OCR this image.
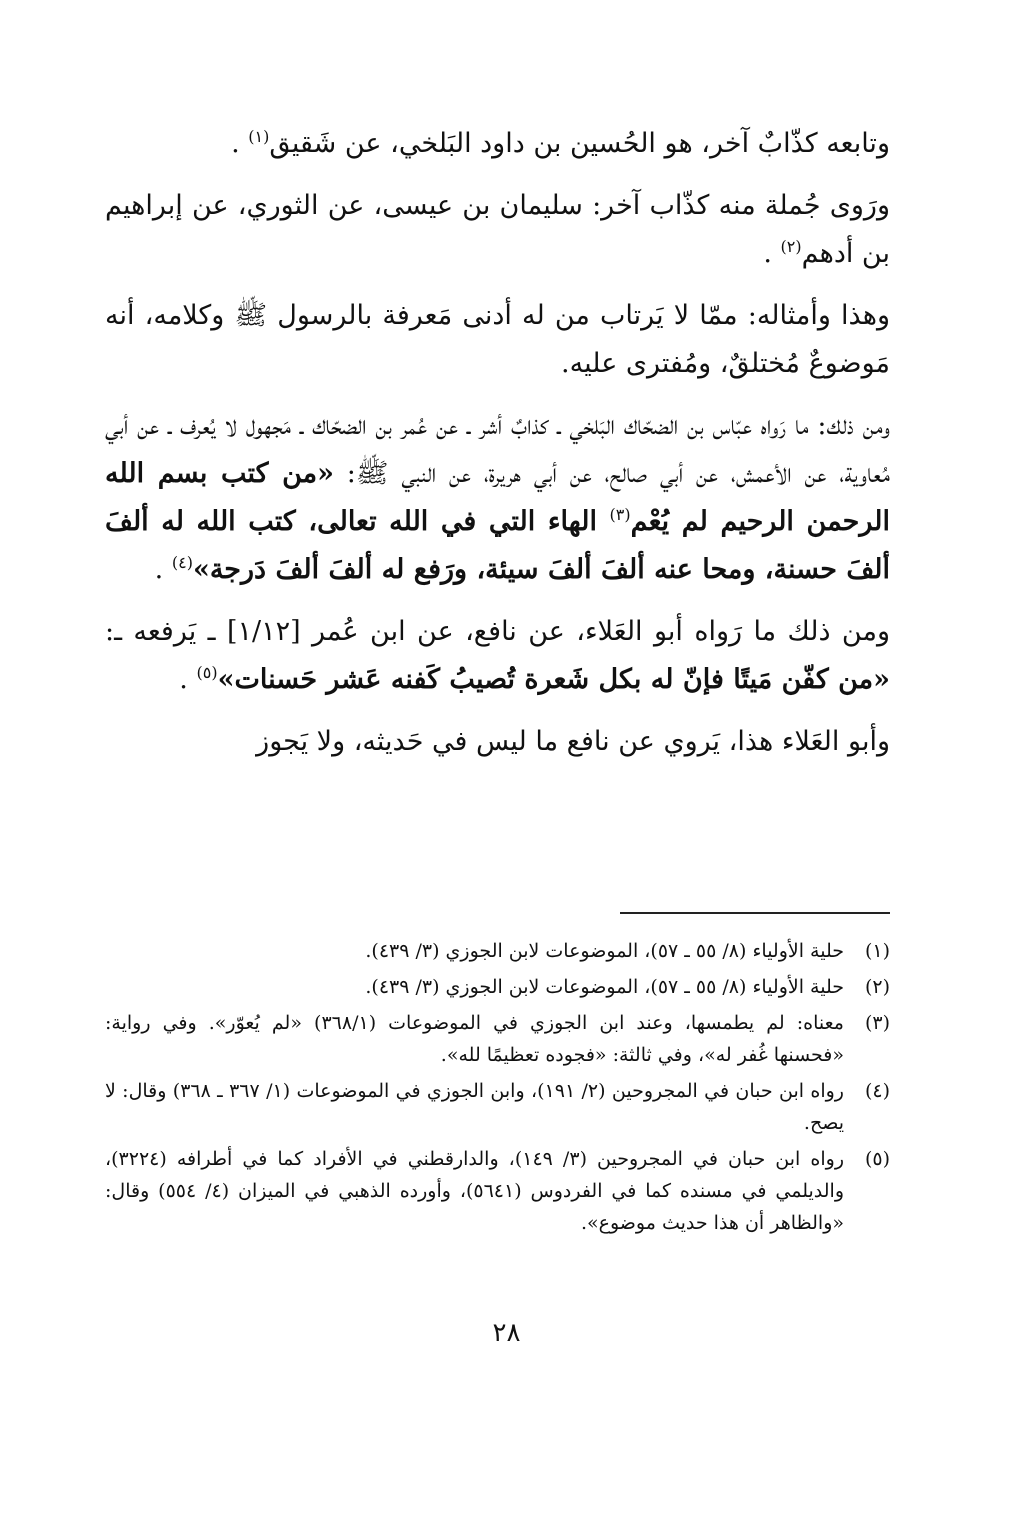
وتابعه كذّابٌ آخر، هو الحُسين بن داود البَلخي، عن شَقيق$^{(١)}$ .

ورَوى جُملة منه كذّاب آخر: سليمان بن عيسى، عن الثوري، عن إبراهيم بن أدهم$^{(٢)}$ .

وهذا وأمثاله: ممّا لا يَرتاب من له أدنى مَعرفة بالرسول ﷺ وكلامه، أنه مَوضوعٌ مُختلقٌ، ومُفترى عليه.

ومن ذلك: ما رَواه عبّاس بن الضحّاك البَلخي ـ كذابٌ أشر ـ عن عُمر بن الضحّاك ـ مَجهول لا يُعرف ـ عن أبي مُعاوية، عن الأعمش، عن أبي صالح، عن أبي هريرة، عن النبي ﷺ: «من كتب بسم الله الرحمن الرحيم لم يُعْم$^{(٣)}$ الهاء التي في الله تعالى، كتب الله له ألفَ ألفَ حسنة، ومحا عنه ألفَ ألفَ سيئة، ورَفع له ألفَ ألفَ دَرجة»$^{(٤)}$ .

ومن ذلك ما رَواه أبو العَلاء، عن نافع، عن ابن عُمر [١/١٢] ـ يَرفعه ـ: «من كفّن مَيتًا فإنّ له بكل شَعرة تُصيبُ كَفنه عَشر حَسنات»$^{(٥)}$ .

وأبو العَلاء هذا، يَروي عن نافع ما ليس في حَديثه، ولا يَجوز

(١)
حلية الأولياء (٨/ ٥٥ ـ ٥٧)، الموضوعات لابن الجوزي (٣/ ٤٣٩).
(٢)
حلية الأولياء (٨/ ٥٥ ـ ٥٧)، الموضوعات لابن الجوزي (٣/ ٤٣٩).
(٣)
معناه: لم يطمسها، وعند ابن الجوزي في الموضوعات (٣٦٨/١) «لم يُعوّر». وفي رواية: «فحسنها غُفر له»، وفي ثالثة: «فجوده تعظيمًا لله».
(٤)
رواه ابن حبان في المجروحين (٢/ ١٩١)، وابن الجوزي في الموضوعات (١/ ٣٦٧ ـ ٣٦٨) وقال: لا يصح.
(٥)
رواه ابن حبان في المجروحين (٣/ ١٤٩)، والدارقطني في الأفراد كما في أطرافه (٣٢٢٤)، والديلمي في مسنده كما في الفردوس (٥٦٤١)، وأورده الذهبي في الميزان (٤/ ٥٥٤) وقال: «والظاهر أن هذا حديث موضوع».
٢٨
